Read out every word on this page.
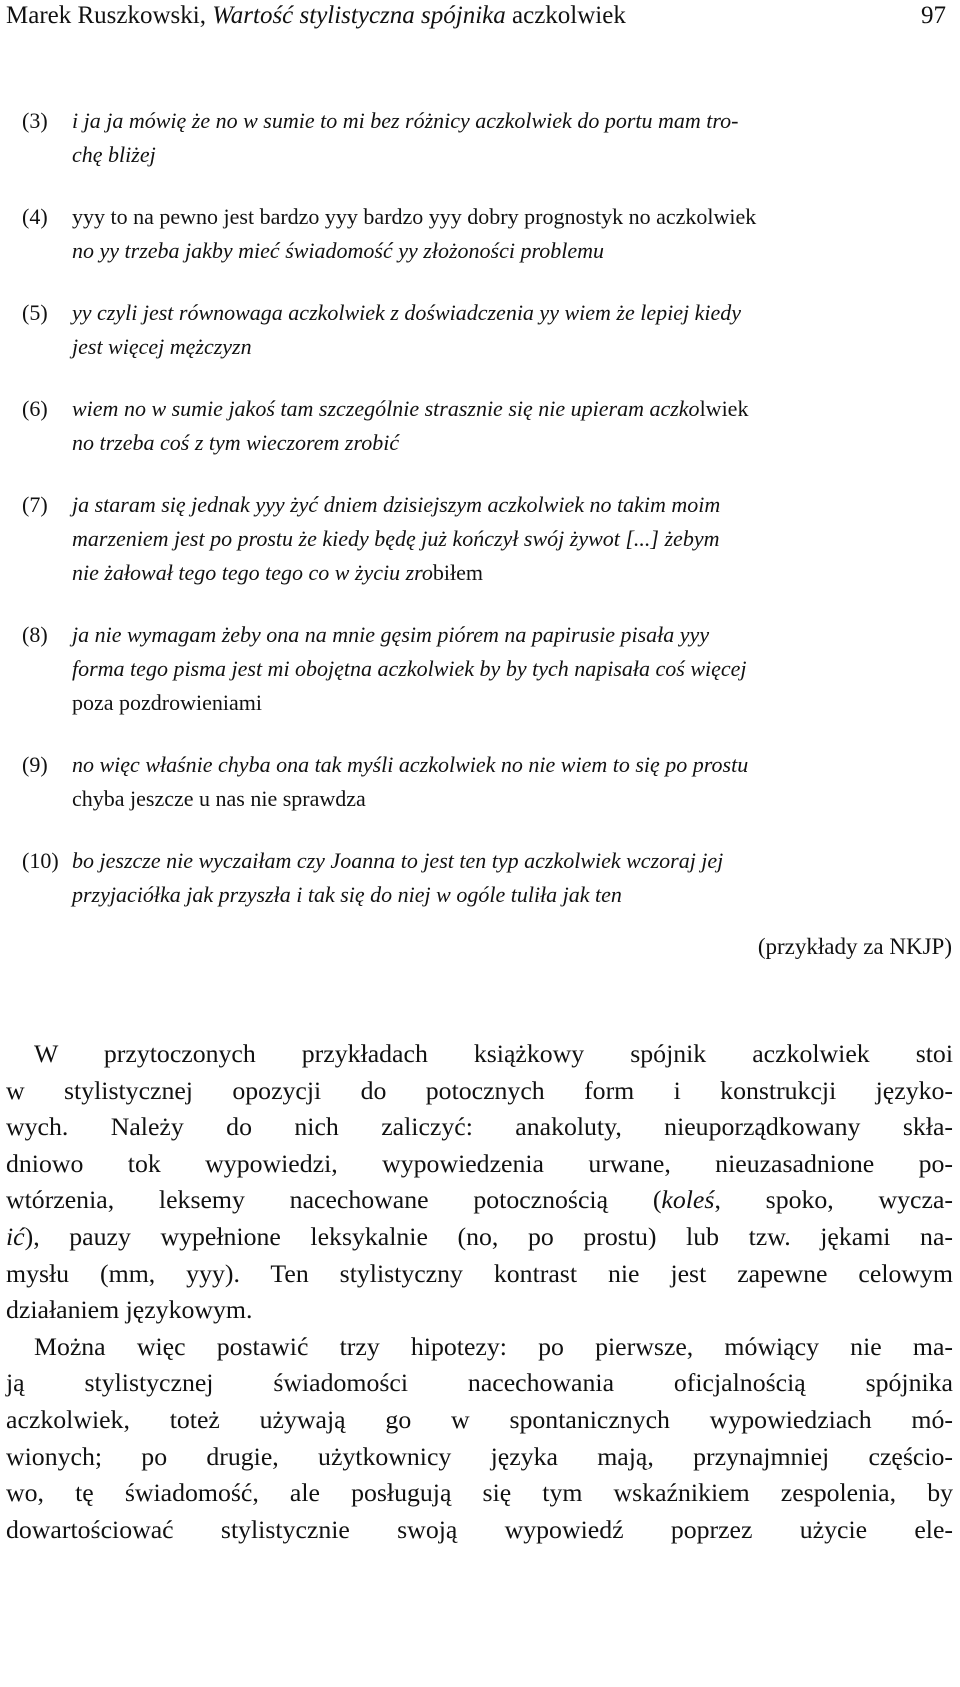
Marek Ruszkowski, Wartość stylistyczna spójnika aczkolwiek	97
(3) i ja ja mówię że no w sumie to mi bez różnicy aczkolwiek do portu mam tro-
chę bliżej
(4) yyy to na pewno jest bardzo yyy bardzo yyy dobry prognostyk no aczkolwiek
no yy trzeba jakby mieć świadomość yy złożoności problemu
(5) yy czyli jest równowaga aczkolwiek z doświadczenia yy wiem że lepiej kiedy
jest więcej mężczyzn
(6) wiem no w sumie jakoś tam szczególnie strasznie się nie upieram aczkolwiek
no trzeba coś z tym wieczorem zrobić
(7) ja staram się jednak yyy żyć dniem dzisiejszym aczkolwiek no takim moim
marzeniem jest po prostu że kiedy będę już kończył swój żywot [...] żebym
nie żałował tego tego tego co w życiu zrobiłem
(8) ja nie wymagam żeby ona na mnie gęsim piórem na papirusie pisała yyy
forma tego pisma jest mi obojętna aczkolwiek by by tych napisała coś więcej
poza pozdrowieniami
(9) no więc właśnie chyba ona tak myśli aczkolwiek no nie wiem to się po prostu
chyba jeszcze u nas nie sprawdza
(10) bo jeszcze nie wyczaiłam czy Joanna to jest ten typ aczkolwiek wczoraj jej
przyjaciółka jak przyszła i tak się do niej w ogóle tuliła jak ten
(przykłady za NKJP)
W przytoczonych przykładach książkowy spójnik aczkolwiek stoi
w stylistycznej opozycji do potocznych form i konstrukcji języko-
wych. Należy do nich zaliczyć: anakoluty, nieuporządkowany skła-
dniowo tok wypowiedzi, wypowiedzenia urwane, nieuzasadnione po-
wtórzenia, leksemy nacechowane potocznością (koleś, spoko, wycza-
ić), pauzy wypełnione leksykalnie (no, po prostu) lub tzw. jękami na-
mysłu (mm, yyy). Ten stylistyczny kontrast nie jest zapewne celowym
działaniem językowym.
Można więc postawić trzy hipotezy: po pierwsze, mówiący nie ma-
ją stylistycznej świadomości nacechowania oficjalnością spójnika
aczkolwiek, toteż używają go w spontanicznych wypowiedziach mó-
wionych; po drugie, użytkownicy języka mają, przynajmniej częścio-
wo, tę świadomość, ale posługują się tym wskaźnikiem zespolenia, by
dowartościować stylistycznie swoją wypowiedź poprzez użycie ele-
